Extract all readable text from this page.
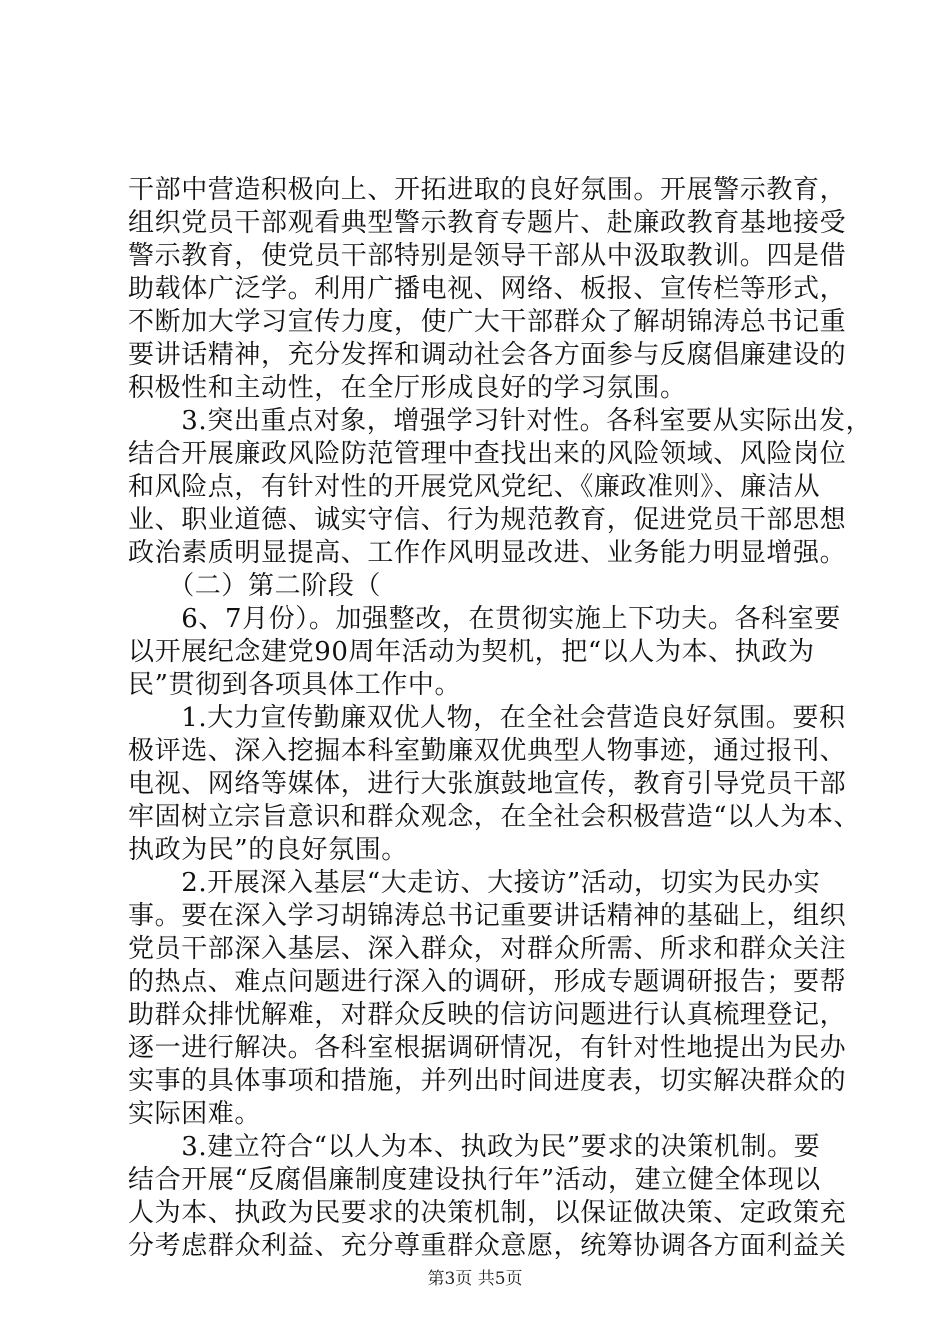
干部中营造积极向上、开拓进取的良好氛围。开展警示教育，
组织党员干部观看典型警示教育专题片、赴廉政教育基地接受
警示教育，使党员干部特别是领导干部从中汲取教训。四是借
助载体广泛学。利用广播电视、网络、板报、宣传栏等形式，
不断加大学习宣传力度，使广大干部群众了解胡锦涛总书记重
要讲话精神，充分发挥和调动社会各方面参与反腐倡廉建设的
积极性和主动性，在全厅形成良好的学习氛围。
　　3.突出重点对象，增强学习针对性。各科室要从实际出发，
结合开展廉政风险防范管理中查找出来的风险领域、风险岗位
和风险点，有针对性的开展党风党纪、《廉政准则》、廉洁从
业、职业道德、诚实守信、行为规范教育，促进党员干部思想
政治素质明显提高、工作作风明显改进、业务能力明显增强。
　　（二）第二阶段（
　　6、7月份）。加强整改，在贯彻实施上下功夫。各科室要
以开展纪念建党90周年活动为契机，把“以人为本、执政为
民”贯彻到各项具体工作中。
　　1.大力宣传勤廉双优人物，在全社会营造良好氛围。要积
极评选、深入挖掘本科室勤廉双优典型人物事迹，通过报刊、
电视、网络等媒体，进行大张旗鼓地宣传，教育引导党员干部
牢固树立宗旨意识和群众观念，在全社会积极营造“以人为本、
执政为民”的良好氛围。
　　2.开展深入基层“大走访、大接访”活动，切实为民办实
事。要在深入学习胡锦涛总书记重要讲话精神的基础上，组织
党员干部深入基层、深入群众，对群众所需、所求和群众关注
的热点、难点问题进行深入的调研，形成专题调研报告；要帮
助群众排忧解难，对群众反映的信访问题进行认真梳理登记，
逐一进行解决。各科室根据调研情况，有针对性地提出为民办
实事的具体事项和措施，并列出时间进度表，切实解决群众的
实际困难。
　　3.建立符合“以人为本、执政为民”要求的决策机制。要
结合开展“反腐倡廉制度建设执行年”活动，建立健全体现以
人为本、执政为民要求的决策机制，以保证做决策、定政策充
分考虑群众利益、充分尊重群众意愿，统筹协调各方面利益关
第3页 共5页
